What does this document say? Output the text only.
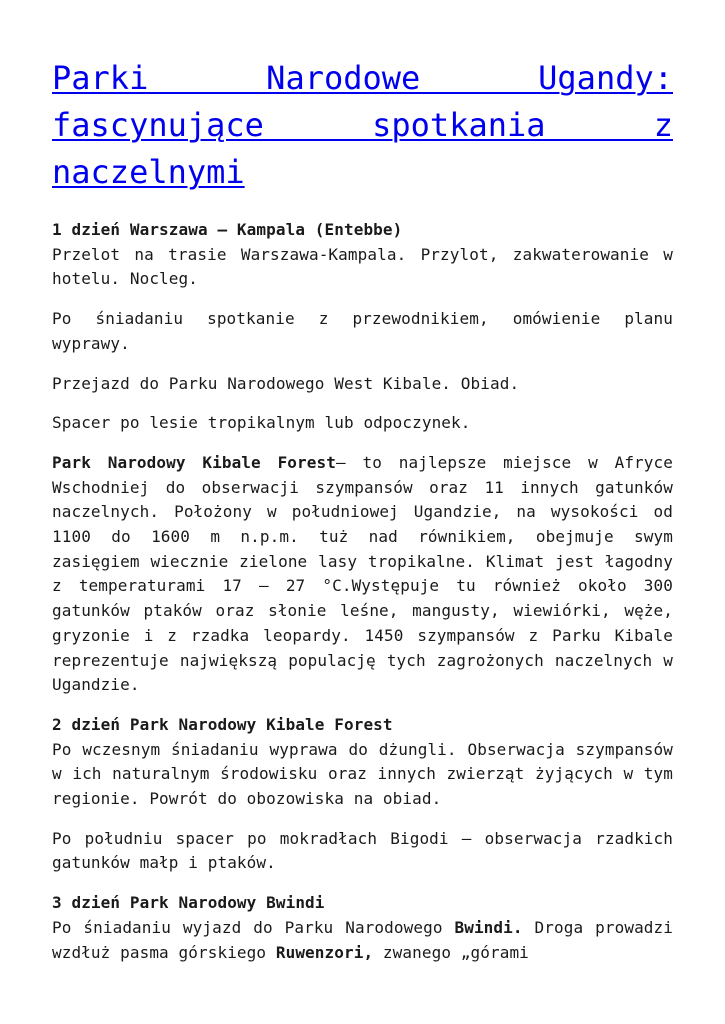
Parki Narodowe Ugandy: fascynujące spotkania z naczelnymi

1 dzień Warszawa – Kampala (Entebbe)
Przelot na trasie Warszawa-Kampala. Przylot, zakwaterowanie w hotelu. Nocleg.

Po śniadaniu spotkanie z przewodnikiem, omówienie planu wyprawy.

Przejazd do Parku Narodowego West Kibale. Obiad.

Spacer po lesie tropikalnym lub odpoczynek.

Park Narodowy Kibale Forest– to najlepsze miejsce w Afryce Wschodniej do obserwacji szympansów oraz 11 innych gatunków naczelnych. Położony w południowej Ugandzie, na wysokości od 1100 do 1600 m n.p.m. tuż nad równikiem, obejmuje swym zasięgiem wiecznie zielone lasy tropikalne. Klimat jest łagodny z temperaturami 17 – 27 °C.Występuje tu również około 300 gatunków ptaków oraz słonie leśne, mangusty, wiewiórki, węże, gryzonie i z rzadka leopardy. 1450 szympansów z Parku Kibale reprezentuje największą populację tych zagrożonych naczelnych w Ugandzie.

2 dzień Park Narodowy Kibale Forest
Po wczesnym śniadaniu wyprawa do dżungli. Obserwacja szympansów w ich naturalnym środowisku oraz innych zwierząt żyjących w tym regionie. Powrót do obozowiska na obiad.

Po południu spacer po mokradłach Bigodi – obserwacja rzadkich gatunków małp i ptaków.

3 dzień Park Narodowy Bwindi
Po śniadaniu wyjazd do Parku Narodowego Bwindi. Droga prowadzi wzdłuż pasma górskiego Ruwenzori, zwanego „górami
